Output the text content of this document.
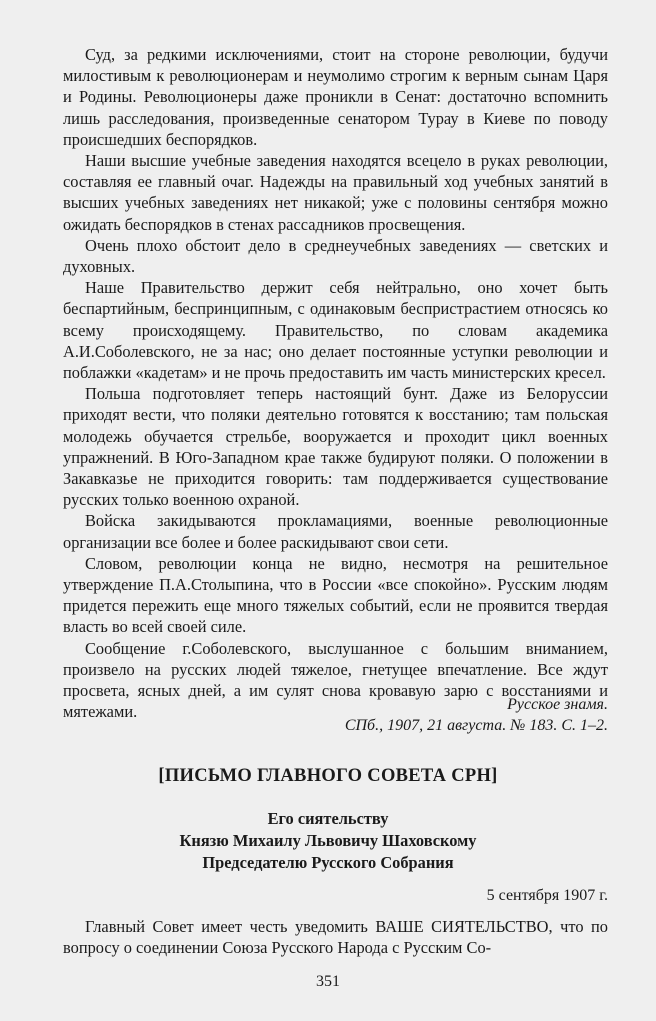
Суд, за редкими исключениями, стоит на стороне революции, будучи милостивым к революционерам и неумолимо строгим к верным сынам Царя и Родины. Революционеры даже проникли в Сенат: достаточно вспомнить лишь расследования, произведенные сенатором Турау в Киеве по поводу происшедших беспорядков.

Наши высшие учебные заведения находятся всецело в руках революции, составляя ее главный очаг. Надежды на правильный ход учебных занятий в высших учебных заведениях нет никакой; уже с половины сентября можно ожидать беспорядков в стенах рассадников просвещения.

Очень плохо обстоит дело в среднеучебных заведениях — светских и духовных.

Наше Правительство держит себя нейтрально, оно хочет быть беспартийным, беспринципным, с одинаковым беспристрастием относясь ко всему происходящему. Правительство, по словам академика А.И.Соболевского, не за нас; оно делает постоянные уступки революции и поблажки «кадетам» и не прочь предоставить им часть министерских кресел.

Польша подготовляет теперь настоящий бунт. Даже из Белоруссии приходят вести, что поляки деятельно готовятся к восстанию; там польская молодежь обучается стрельбе, вооружается и проходит цикл военных упражнений. В Юго-Западном крае также будируют поляки. О положении в Закавказье не приходится говорить: там поддерживается существование русских только военною охраной.

Войска закидываются прокламациями, военные революционные организации все более и более раскидывают свои сети.

Словом, революции конца не видно, несмотря на решительное утверждение П.А.Столыпина, что в России «все спокойно». Русским людям придется пережить еще много тяжелых событий, если не проявится твердая власть во всей своей силе.

Сообщение г.Соболевского, выслушанное с большим вниманием, произвело на русских людей тяжелое, гнетущее впечатление. Все ждут просвета, ясных дней, а им сулят снова кровавую зарю с восстаниями и мятежами.	Русское знамя.
СПб., 1907, 21 августа. № 183. С. 1–2.
[ПИСЬМО ГЛАВНОГО СОВЕТА СРН]
Его сиятельству
Князю Михаилу Львовичу Шаховскому
Председателю Русского Собрания
5 сентября 1907 г.

Главный Совет имеет честь уведомить ВАШЕ СИЯТЕЛЬСТВО, что по вопросу о соединении Союза Русского Народа с Русским Со-

351
